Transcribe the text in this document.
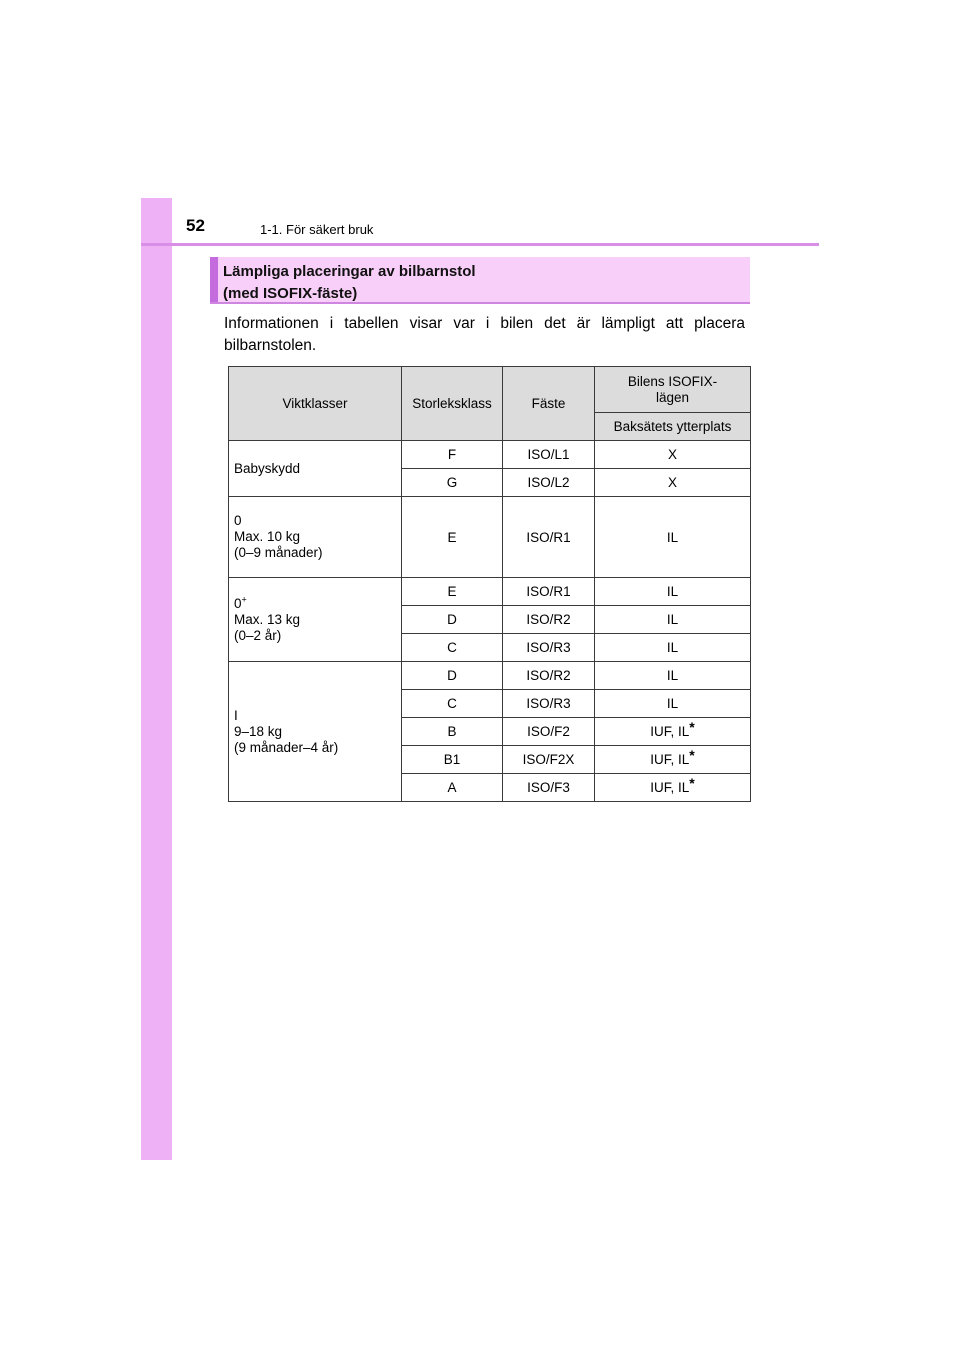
52	1-1. För säkert bruk
Lämpliga placeringar av bilbarnstol
(med ISOFIX-fäste)
Informationen i tabellen visar var i bilen det är lämpligt att placera bilbarnstolen.
Viktklasser	Storleksklass	Fäste	Bilens ISOFIX-lägen
			Baksätets ytterplats
Babyskydd	F	ISO/L1	X
	G	ISO/L2	X
0
Max. 10 kg
(0–9 månader)	E	ISO/R1	IL
0+
Max. 13 kg
(0–2 år)	E	ISO/R1	IL
	D	ISO/R2	IL
	C	ISO/R3	IL
I
9–18 kg
(9 månader–4 år)	D	ISO/R2	IL
	C	ISO/R3	IL
	B	ISO/F2	IUF, IL*
	B1	ISO/F2X	IUF, IL*
	A	ISO/F3	IUF, IL*
